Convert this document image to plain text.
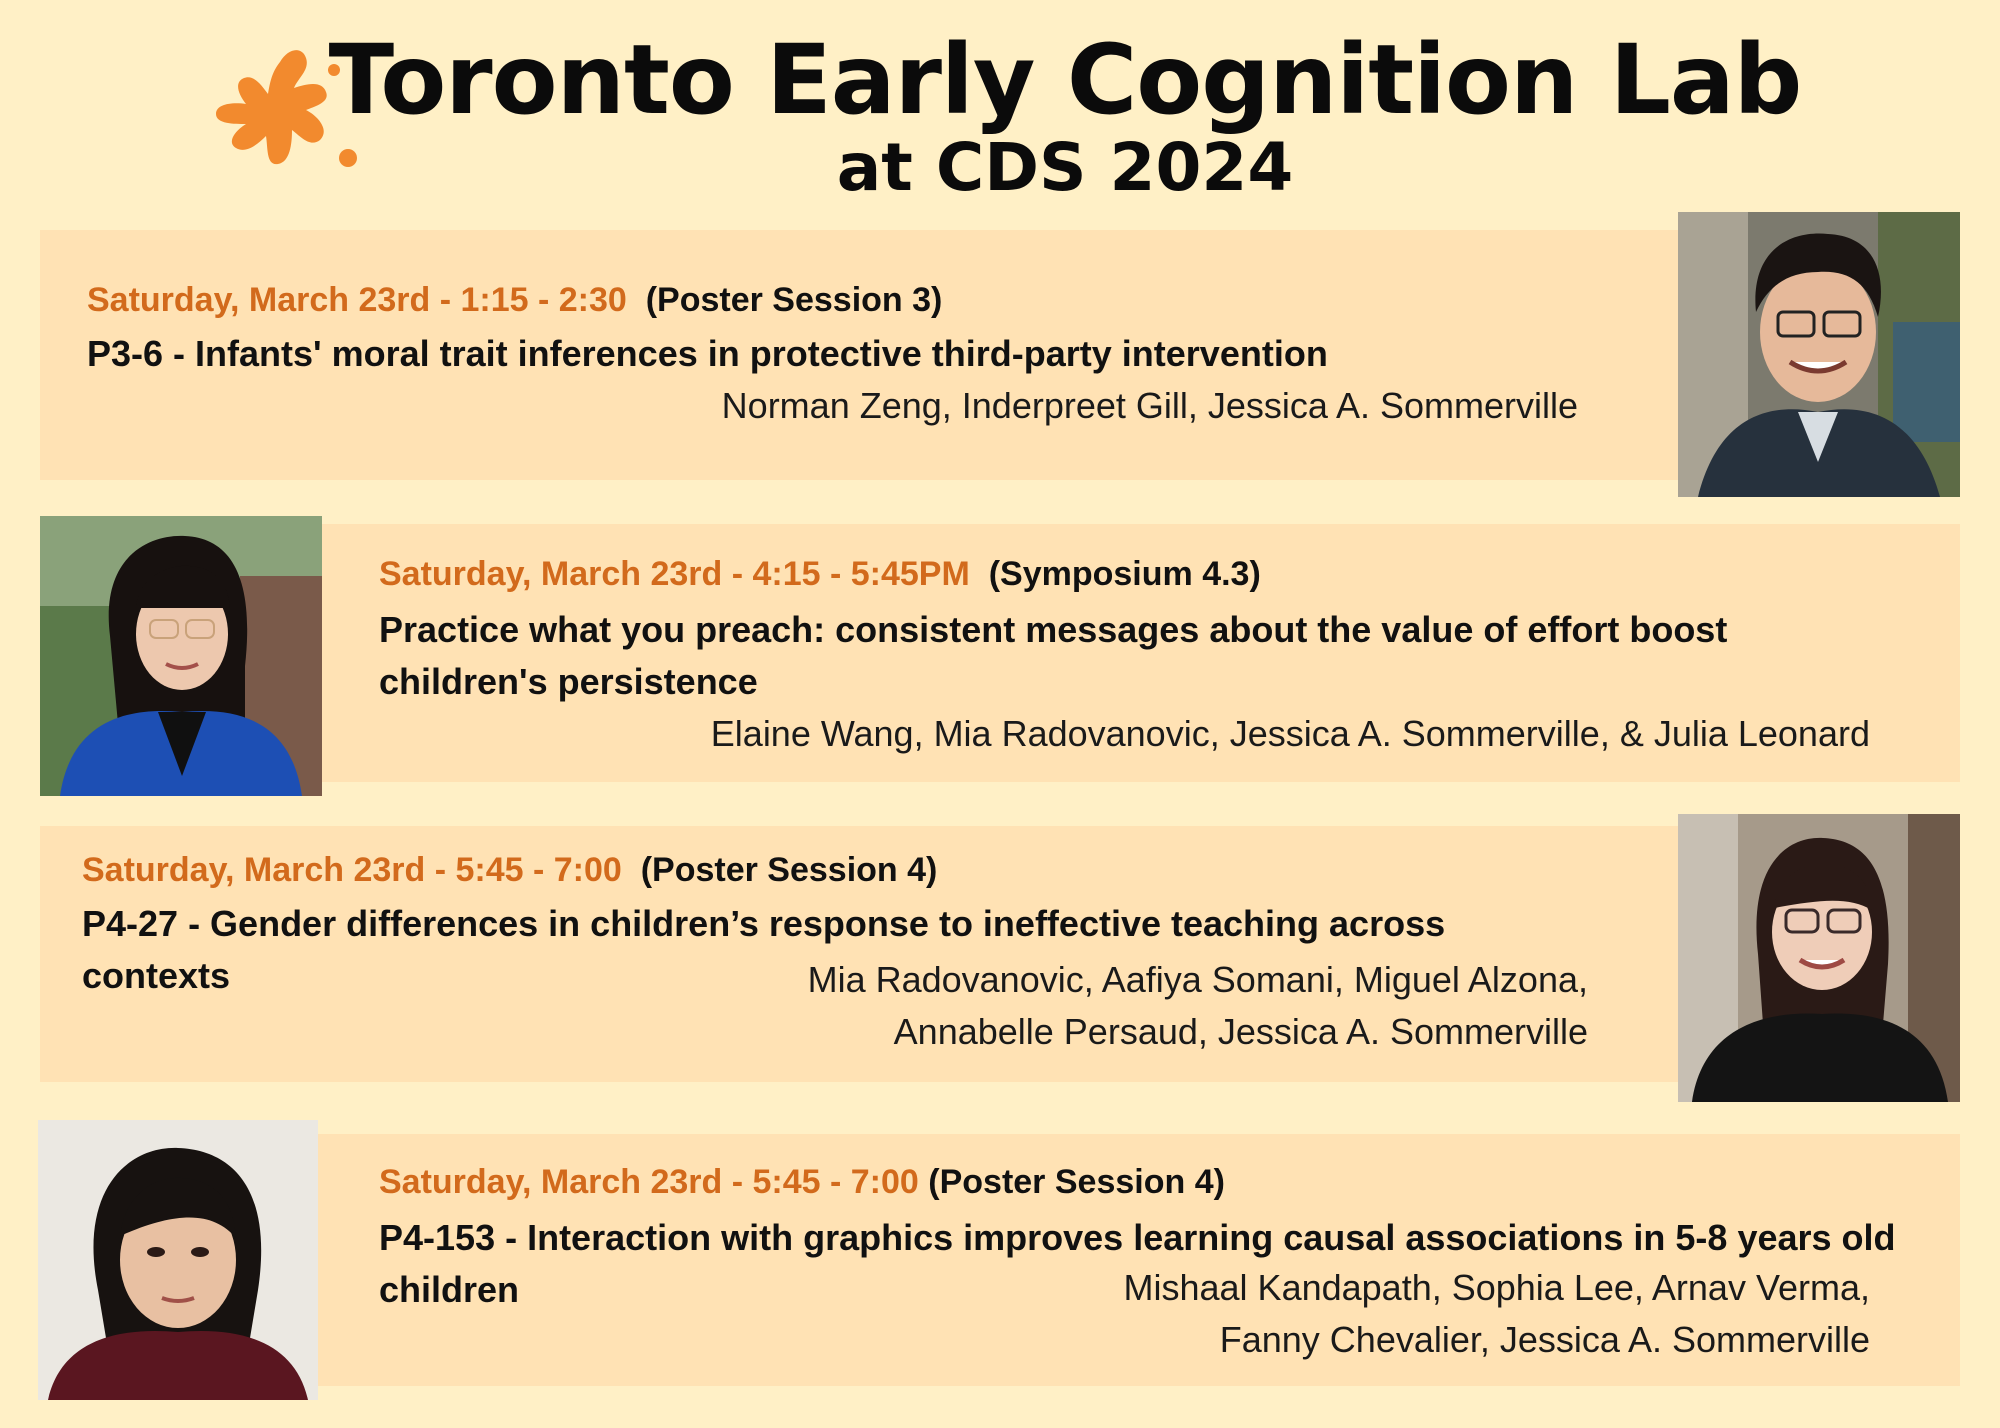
Toronto Early Cognition Lab
at CDS 2024
Saturday, March 23rd - 1:15 - 2:30 (Poster Session 3)
P3-6 - Infants' moral trait inferences in protective third-party intervention
Norman Zeng, Inderpreet Gill, Jessica A. Sommerville
Saturday, March 23rd - 4:15 - 5:45PM (Symposium 4.3)
Practice what you preach: consistent messages about the value of effort boost children's persistence
Elaine Wang, Mia Radovanovic, Jessica A. Sommerville, & Julia Leonard
Saturday, March 23rd - 5:45 - 7:00 (Poster Session 4)
P4-27 - Gender differences in children’s response to ineffective teaching across contexts	Mia Radovanovic, Aafiya Somani, Miguel Alzona,
Annabelle Persaud, Jessica A. Sommerville
Saturday, March 23rd - 5:45 - 7:00 (Poster Session 4)
P4-153 - Interaction with graphics improves learning causal associations in 5-8 years old children	Mishaal Kandapath, Sophia Lee, Arnav Verma,
Fanny Chevalier, Jessica A. Sommerville
